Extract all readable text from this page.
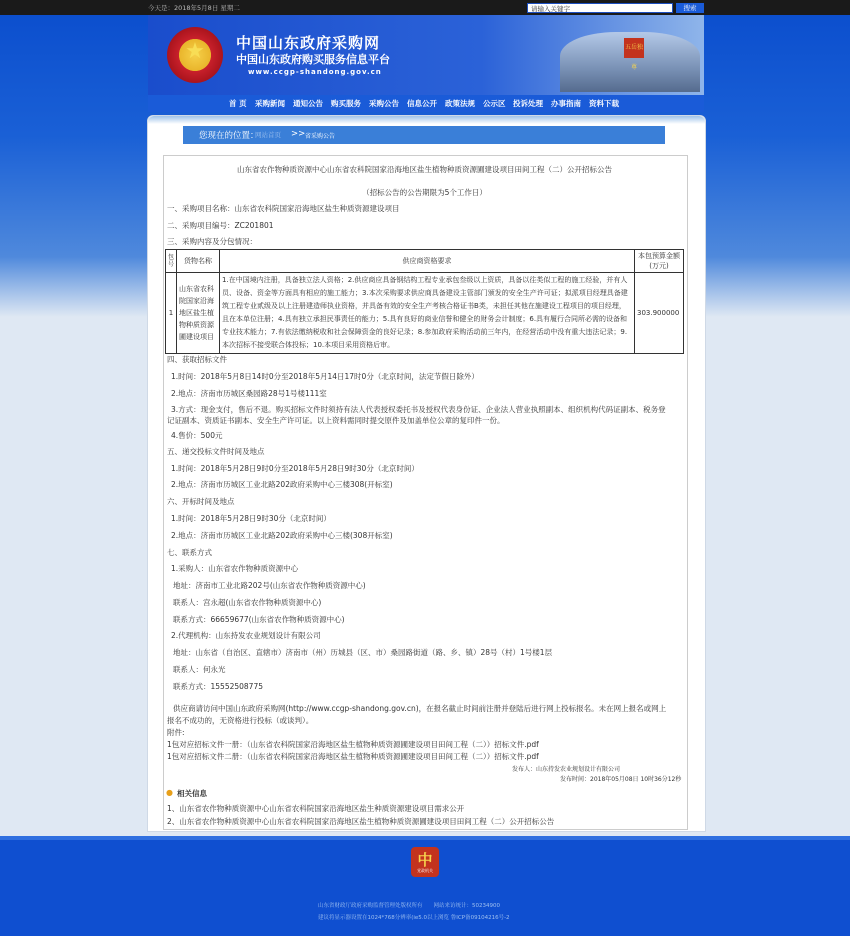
今天是：2018年5月8日 星期二	请输入关键字	搜索
★ 中国山东政府采购网
中国山东政府购买服务信息平台
www.ccgp-shandong.gov.cn
五岳独尊
首 页 采购新闻 通知公告 购买服务 采购公告 信息公开 政策法规 公示区 投诉处理 办事指南 资料下载
您现在的位置：
网站首页 >> 省采购公告
山东省农作物种质资源中心山东省农科院国家沿海地区盐生植物种质资源圃建设项目田间工程（二）公开招标公告
（招标公告的公告期限为5个工作日）
一、采购项目名称：山东省农科院国家沿海地区盐生种质资源建设项目
二、采购项目编号：ZC201801
三、采购内容及分包情况：
包号	货物名称	供应商资格要求	本包预算金额(万元)
1	山东省农科院国家沿海地区盐生植物种质资源圃建设项目	1.在中国境内注册，具备独立法人资格；2.供应商应具备钢结构工程专业承包叁级以上资质，具备以往类似工程的施工经验，并有人员、设备、资金等方面具有相应的施工能力；3.本次采购要求供应商具备建设主管部门颁发的安全生产许可证；拟派项目经理具备建筑工程专业贰级及以上注册建造师执业资格，并具备有效的安全生产考核合格证书B类，未担任其他在施建设工程项目的项目经理，且在本单位注册；4.具有独立承担民事责任的能力；5.具有良好的商业信誉和健全的财务会计制度；6.具有履行合同所必需的设备和专业技术能力；7.有依法缴纳税收和社会保障资金的良好记录；8.参加政府采购活动前三年内，在经营活动中没有重大违法记录；9.本次招标不接受联合体投标；10.本项目采用资格后审。	303.900000
四、获取招标文件
1.时间：2018年5月8日14时0分至2018年5月14日17时0分（北京时间，法定节假日除外）
2.地点：济南市历城区桑园路28号1号楼111室
3.方式：现金支付，售后不退。购买招标文件时须持有法人代表授权委托书及授权代表身份证、企业法人营业执照副本、组织机构代码证副本、税务登
记证副本、资质证书副本、安全生产许可证。以上资料需同时提交原件及加盖单位公章的复印件一份。
4.售价：500元
五、递交投标文件时间及地点
1.时间：2018年5月28日9时0分至2018年5月28日9时30分（北京时间）
2.地点：济南市历城区工业北路202政府采购中心三楼308(开标室)
六、开标时间及地点
1.时间：2018年5月28日9时30分（北京时间）
2.地点：济南市历城区工业北路202政府采购中心三楼(308开标室)
七、联系方式
1.采购人：山东省农作物种质资源中心
地址：济南市工业北路202号(山东省农作物种质资源中心)
联系人：宫永超(山东省农作物种质资源中心)
联系方式：66659677(山东省农作物种质资源中心)
2.代理机构：山东持发农业规划设计有限公司
地址：山东省（自治区、直辖市）济南市（州）历城县（区、市）桑园路街道（路、乡、镇）28号（村）1号楼1层
联系人：何永光
联系方式：15552508775
供应商请访问中国山东政府采购网(http://www.ccgp-shandong.gov.cn)，在报名截止时间前注册并登陆后进行网上投标报名。未在网上报名或网上
报名不成功的，无资格进行投标（或谈判）。
附件:
1包对应招标文件一册：（山东省农科院国家沿海地区盐生植物种质资源圃建设项目田间工程（二））招标文件.pdf
1包对应招标文件二册：（山东省农科院国家沿海地区盐生植物种质资源圃建设项目田间工程（二））招标文件.pdf
发布人：山东持发农业规划设计有限公司
发布时间：2018年05月08日 10时36分12秒
● 相关信息
1、山东省农作物种质资源中心山东省农科院国家沿海地区盐生种质资源建设项目需求公开
2、山东省农作物种质资源中心山东省农科院国家沿海地区盐生植物种质资源圃建设项目田间工程（二）公开招标公告
中
党政机关
山东省财政厅政府采购监督管理处版权所有　　网站来访统计：50234900
建议将显示器设置在1024*768分辨率(ie5.0以上浏览 鲁ICP备09104216号-2
